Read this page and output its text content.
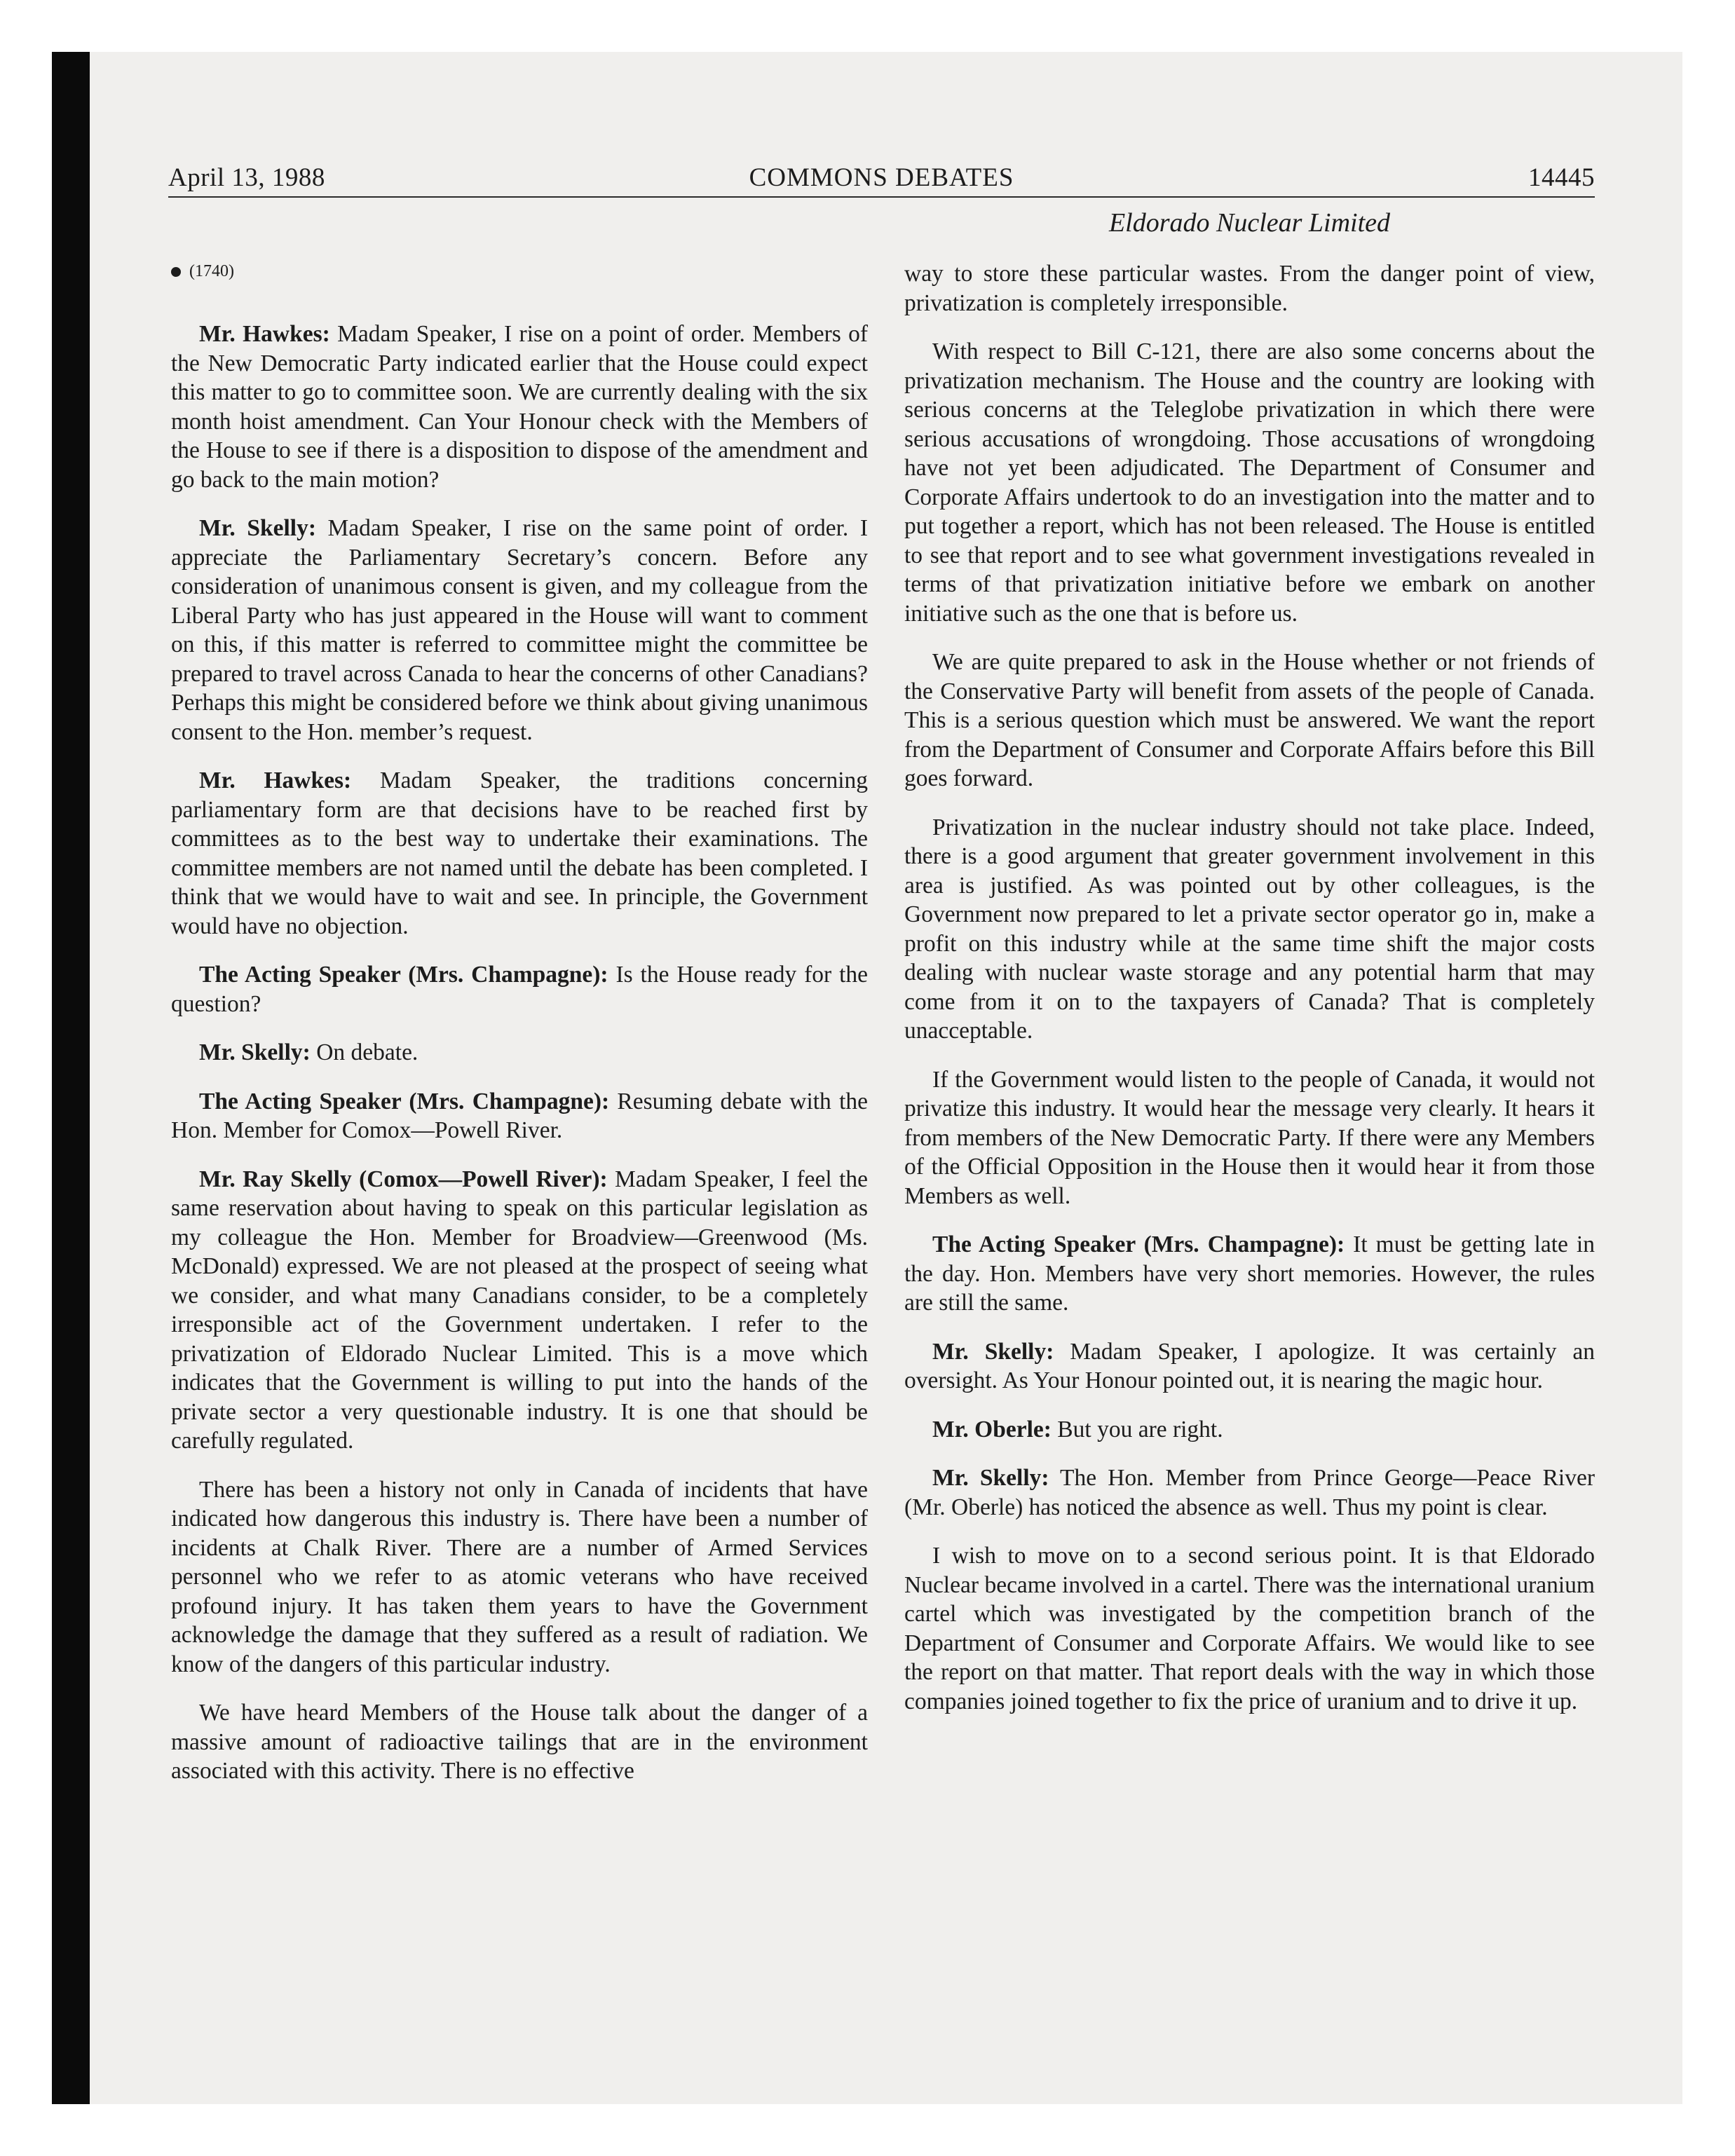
April 13, 1988	COMMONS DEBATES	14445
Eldorado Nuclear Limited
(1740)

Mr. Hawkes: Madam Speaker, I rise on a point of order. Members of the New Democratic Party indicated earlier that the House could expect this matter to go to committee soon. We are currently dealing with the six month hoist amendment. Can Your Honour check with the Members of the House to see if there is a disposition to dispose of the amendment and go back to the main motion?

Mr. Skelly: Madam Speaker, I rise on the same point of order. I appreciate the Parliamentary Secretary’s concern. Before any consideration of unanimous consent is given, and my colleague from the Liberal Party who has just appeared in the House will want to comment on this, if this matter is referred to committee might the committee be prepared to travel across Canada to hear the concerns of other Canadians? Perhaps this might be considered before we think about giving unanimous consent to the Hon. member’s request.

Mr. Hawkes: Madam Speaker, the traditions concerning parliamentary form are that decisions have to be reached first by committees as to the best way to undertake their examinations. The committee members are not named until the debate has been completed. I think that we would have to wait and see. In principle, the Government would have no objection.

The Acting Speaker (Mrs. Champagne): Is the House ready for the question?

Mr. Skelly: On debate.

The Acting Speaker (Mrs. Champagne): Resuming debate with the Hon. Member for Comox—Powell River.

Mr. Ray Skelly (Comox—Powell River): Madam Speaker, I feel the same reservation about having to speak on this particular legislation as my colleague the Hon. Member for Broadview—Greenwood (Ms. McDonald) expressed. We are not pleased at the prospect of seeing what we consider, and what many Canadians consider, to be a completely irresponsible act of the Government undertaken. I refer to the privatization of Eldorado Nuclear Limited. This is a move which indicates that the Government is willing to put into the hands of the private sector a very questionable industry. It is one that should be carefully regulated.

There has been a history not only in Canada of incidents that have indicated how dangerous this industry is. There have been a number of incidents at Chalk River. There are a number of Armed Services personnel who we refer to as atomic veterans who have received profound injury. It has taken them years to have the Government acknowledge the damage that they suffered as a result of radiation. We know of the dangers of this particular industry.

We have heard Members of the House talk about the danger of a massive amount of radioactive tailings that are in the environment associated with this activity. There is no effective

way to store these particular wastes. From the danger point of view, privatization is completely irresponsible.

With respect to Bill C-121, there are also some concerns about the privatization mechanism. The House and the country are looking with serious concerns at the Teleglobe privatization in which there were serious accusations of wrongdoing. Those accusations of wrongdoing have not yet been adjudicated. The Department of Consumer and Corporate Affairs undertook to do an investigation into the matter and to put together a report, which has not been released. The House is entitled to see that report and to see what government investigations revealed in terms of that privatization initiative before we embark on another initiative such as the one that is before us.

We are quite prepared to ask in the House whether or not friends of the Conservative Party will benefit from assets of the people of Canada. This is a serious question which must be answered. We want the report from the Department of Consumer and Corporate Affairs before this Bill goes forward.

Privatization in the nuclear industry should not take place. Indeed, there is a good argument that greater government involvement in this area is justified. As was pointed out by other colleagues, is the Government now prepared to let a private sector operator go in, make a profit on this industry while at the same time shift the major costs dealing with nuclear waste storage and any potential harm that may come from it on to the taxpayers of Canada? That is completely unacceptable.

If the Government would listen to the people of Canada, it would not privatize this industry. It would hear the message very clearly. It hears it from members of the New Democratic Party. If there were any Members of the Official Opposition in the House then it would hear it from those Members as well.

The Acting Speaker (Mrs. Champagne): It must be getting late in the day. Hon. Members have very short memories. However, the rules are still the same.

Mr. Skelly: Madam Speaker, I apologize. It was certainly an oversight. As Your Honour pointed out, it is nearing the magic hour.

Mr. Oberle: But you are right.

Mr. Skelly: The Hon. Member from Prince George—Peace River (Mr. Oberle) has noticed the absence as well. Thus my point is clear.

I wish to move on to a second serious point. It is that Eldorado Nuclear became involved in a cartel. There was the international uranium cartel which was investigated by the competition branch of the Department of Consumer and Corporate Affairs. We would like to see the report on that matter. That report deals with the way in which those companies joined together to fix the price of uranium and to drive it up.
